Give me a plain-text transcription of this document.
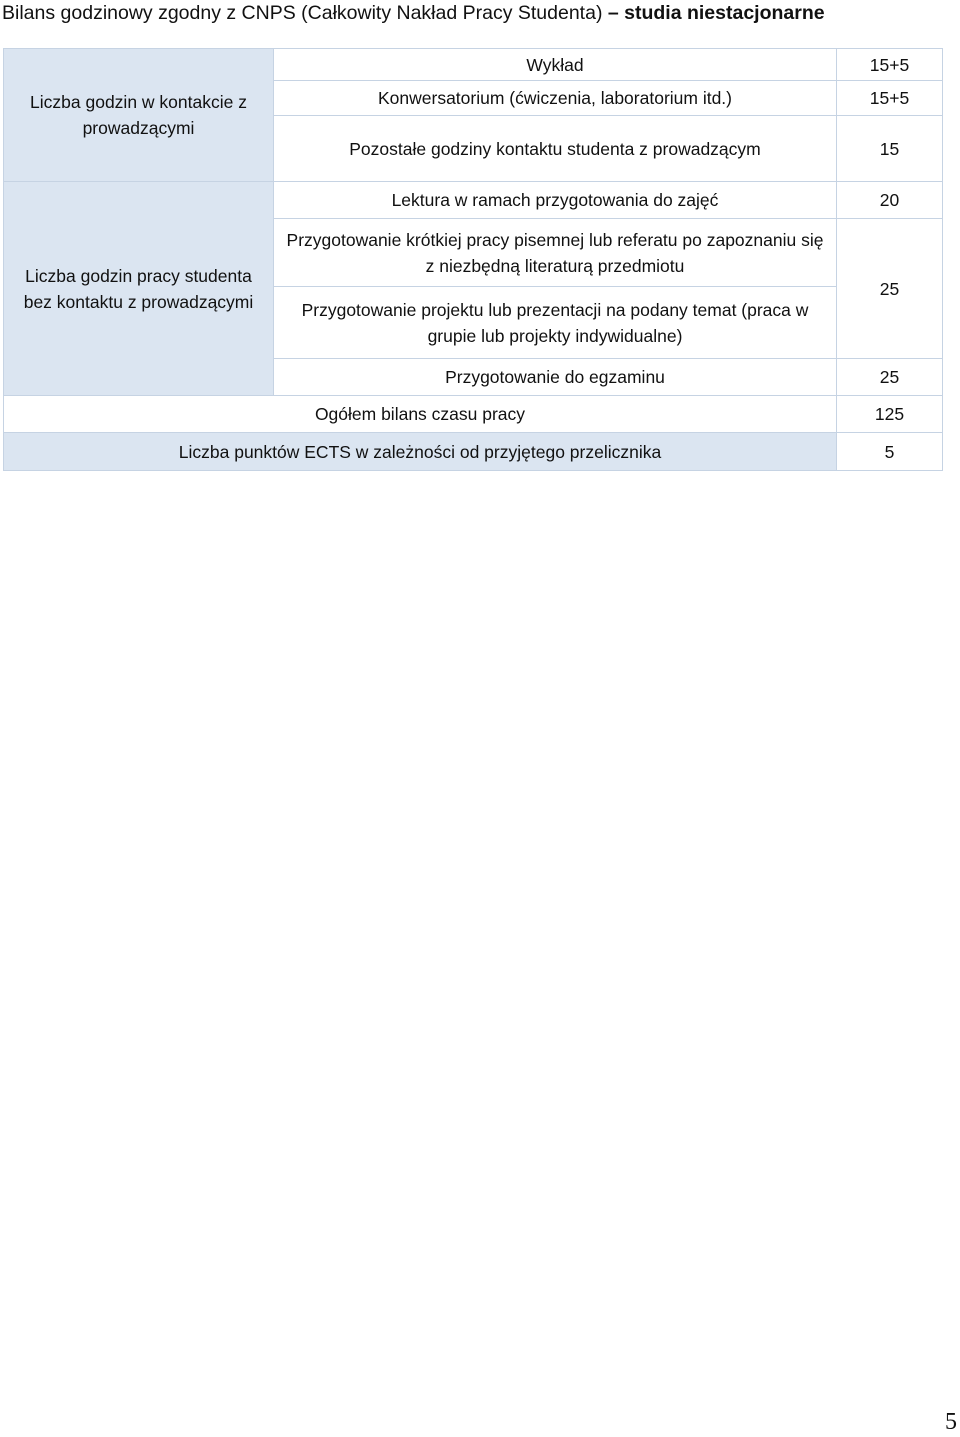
Bilans godzinowy zgodny z CNPS (Całkowity Nakład Pracy Studenta) – studia niestacjonarne
Liczba godzin w kontakcie z prowadzącymi	Wykład	15+5
	Konwersatorium (ćwiczenia, laboratorium itd.)	15+5
	Pozostałe godziny kontaktu studenta z prowadzącym	15
Liczba godzin pracy studenta bez kontaktu z prowadzącymi	Lektura w ramach przygotowania do zajęć	20
	Przygotowanie krótkiej pracy pisemnej lub referatu po zapoznaniu się z niezbędną literaturą przedmiotu	25
	Przygotowanie projektu lub prezentacji na podany temat (praca w grupie lub projekty indywidualne)	
	Przygotowanie do egzaminu	25
Ogółem bilans czasu pracy		125
Liczba punktów ECTS w zależności od przyjętego przelicznika		5
5
